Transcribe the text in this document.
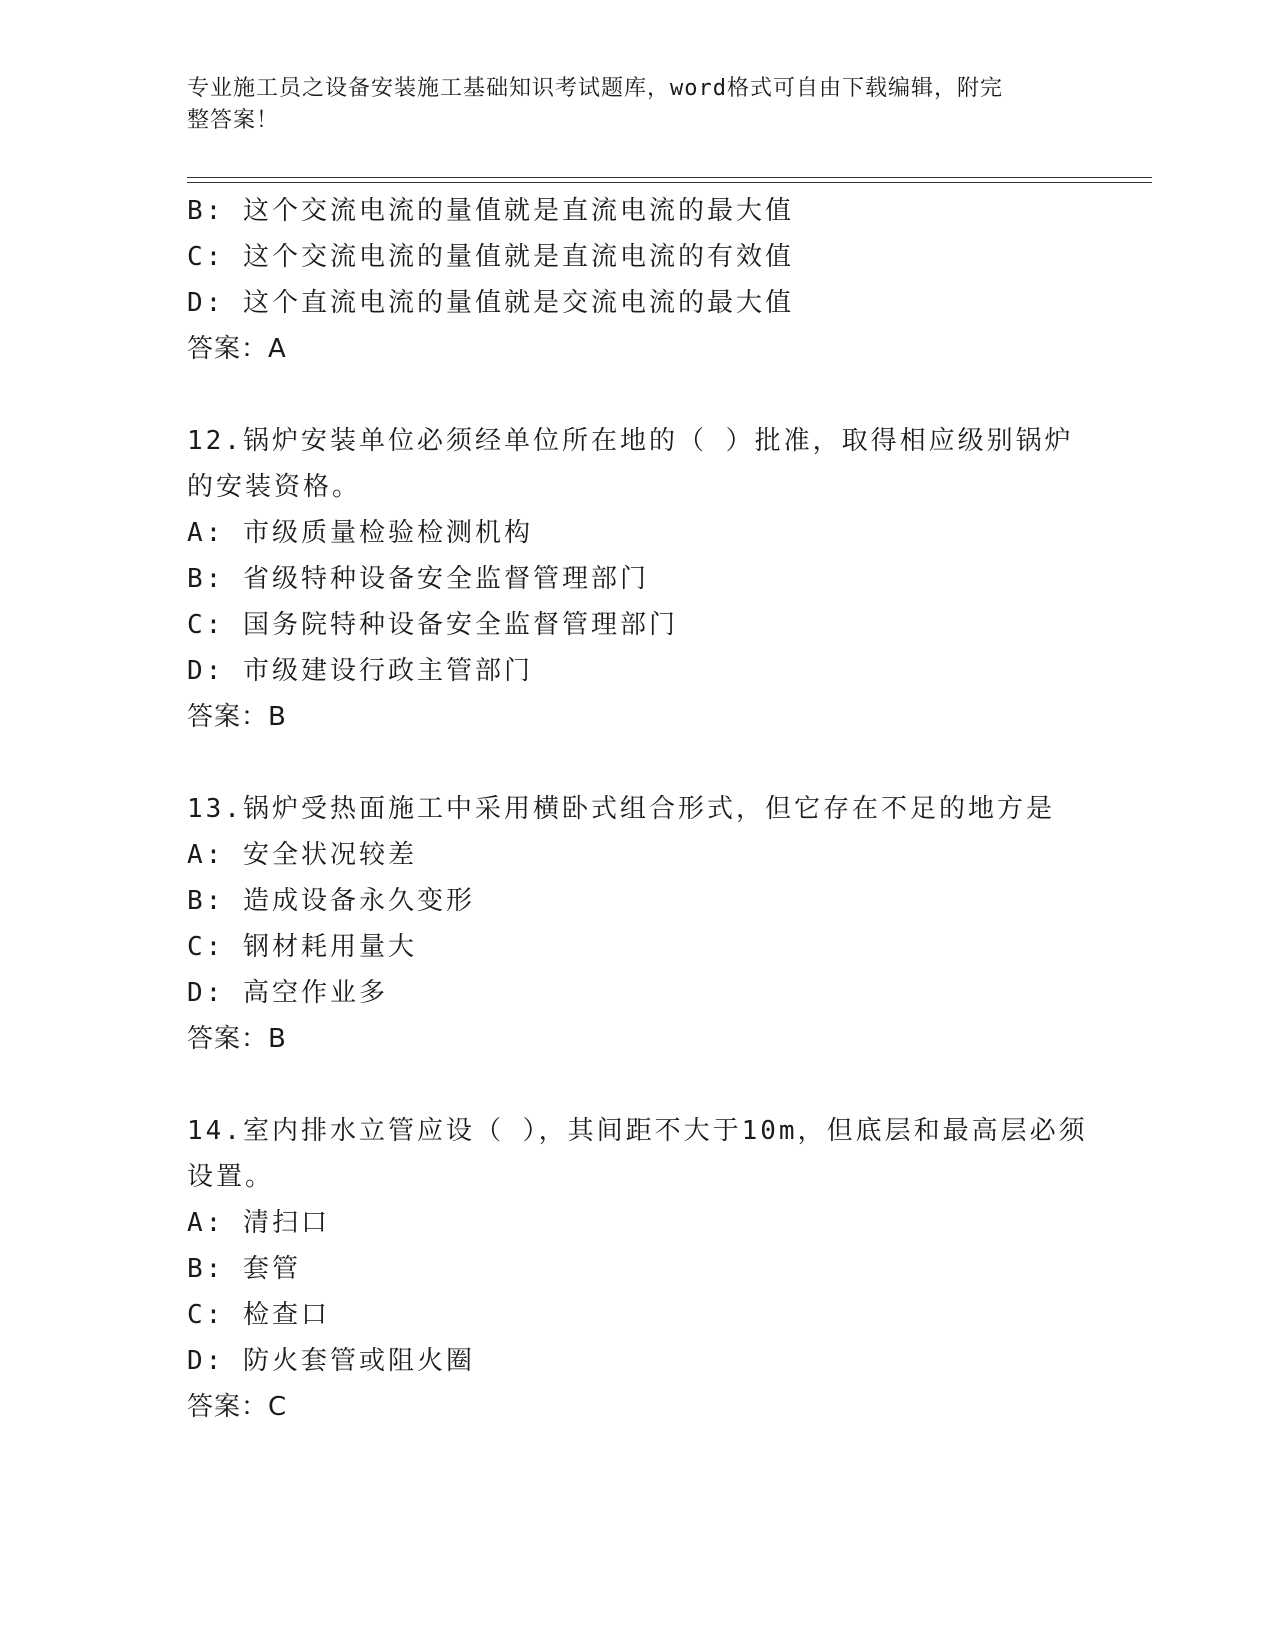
专业施工员之设备安装施工基础知识考试题库，word格式可自由下载编辑，附完
整答案！
B: 这个交流电流的量值就是直流电流的最大值
C: 这个交流电流的量值就是直流电流的有效值
D: 这个直流电流的量值就是交流电流的最大值
答案：A
12.锅炉安装单位必须经单位所在地的（ ）批准，取得相应级别锅炉
的安装资格。
A: 市级质量检验检测机构
B: 省级特种设备安全监督管理部门
C: 国务院特种设备安全监督管理部门
D: 市级建设行政主管部门
答案：B
13.锅炉受热面施工中采用横卧式组合形式，但它存在不足的地方是
A: 安全状况较差
B: 造成设备永久变形
C: 钢材耗用量大
D: 高空作业多
答案：B
14.室内排水立管应设（ ），其间距不大于10m，但底层和最高层必须
设置。
A: 清扫口
B: 套管
C: 检查口
D: 防火套管或阻火圈
答案：C
